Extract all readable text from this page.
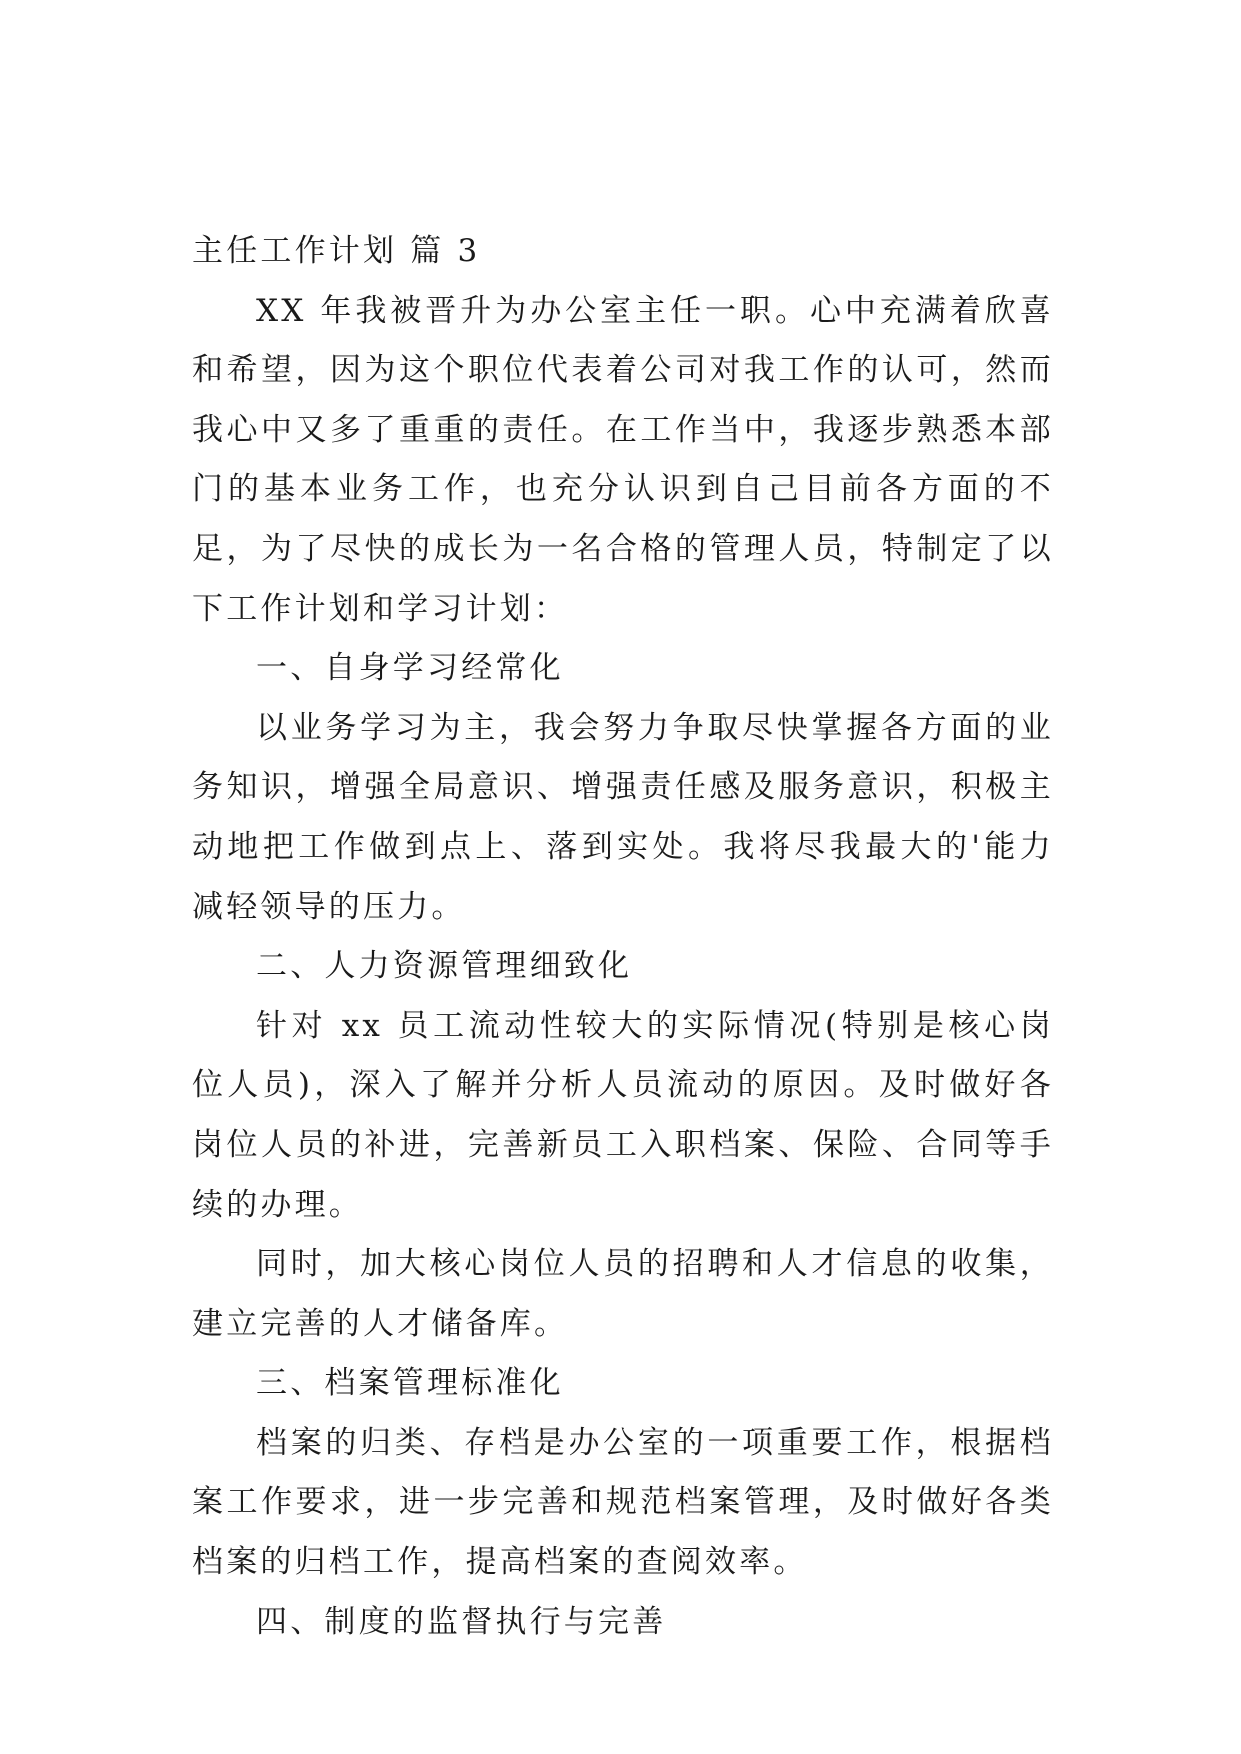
主任工作计划 篇 3

XX 年我被晋升为办公室主任一职。心中充满着欣喜和希望，因为这个职位代表着公司对我工作的认可，然而我心中又多了重重的责任。在工作当中，我逐步熟悉本部门的基本业务工作，也充分认识到自己目前各方面的不足，为了尽快的成长为一名合格的管理人员，特制定了以下工作计划和学习计划：

一、自身学习经常化

以业务学习为主，我会努力争取尽快掌握各方面的业务知识，增强全局意识、增强责任感及服务意识，积极主动地把工作做到点上、落到实处。我将尽我最大的'能力减轻领导的压力。

二、人力资源管理细致化

针对 xx 员工流动性较大的实际情况(特别是核心岗位人员)，深入了解并分析人员流动的原因。及时做好各岗位人员的补进，完善新员工入职档案、保险、合同等手续的办理。

同时，加大核心岗位人员的招聘和人才信息的收集，建立完善的人才储备库。

三、档案管理标准化

档案的归类、存档是办公室的一项重要工作，根据档案工作要求，进一步完善和规范档案管理，及时做好各类档案的归档工作，提高档案的查阅效率。

四、制度的监督执行与完善
